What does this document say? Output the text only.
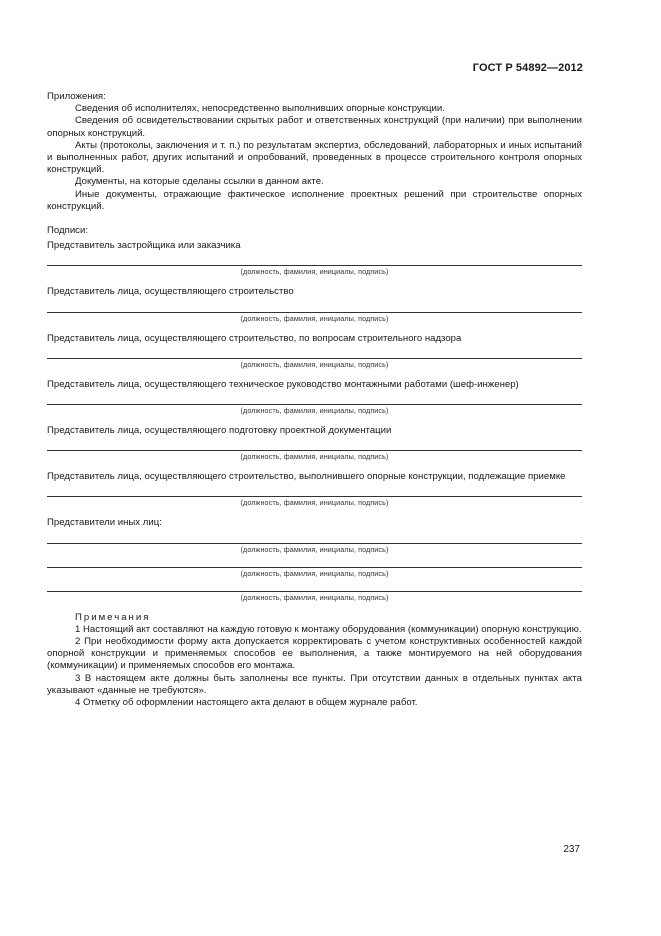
ГОСТ Р 54892—2012

Приложения:

Сведения об исполнителях, непосредственно выполнивших опорные конструкции.

Сведения об освидетельствовании скрытых работ и ответственных конструкций (при наличии) при выполнении опорных конструкций.

Акты (протоколы, заключения и т. п.) по результатам экспертиз, обследований, лабораторных и иных испытаний и выполненных работ, других испытаний и опробований, проведенных в процессе строительного контроля опорных конструкций.

Документы, на которые сделаны ссылки в данном акте.

Иные документы, отражающие фактическое исполнение проектных решений при строительстве опорных конструкций.

Подписи:

Представитель застройщика или заказчика

(должность, фамилия, инициалы, подпись)

Представитель лица, осуществляющего строительство

(должность, фамилия, инициалы, подпись)

Представитель лица, осуществляющего строительство, по вопросам строительного надзора

(должность, фамилия, инициалы, подпись)

Представитель лица, осуществляющего техническое руководство монтажными работами (шеф-инженер)

(должность, фамилия, инициалы, подпись)

Представитель лица, осуществляющего подготовку проектной документации

(должность, фамилия, инициалы, подпись)

Представитель лица, осуществляющего строительство, выполнившего опорные конструкции, подлежащие приемке

(должность, фамилия, инициалы, подпись)

Представители иных лиц:

(должность, фамилия, инициалы, подпись)
(должность, фамилия, инициалы, подпись)
(должность, фамилия, инициалы, подпись)

Примечания

1 Настоящий акт составляют на каждую готовую к монтажу оборудования (коммуникации) опорную конструкцию.

2 При необходимости форму акта допускается корректировать с учетом конструктивных особенностей каждой опорной конструкции и применяемых способов ее выполнения, а также монтируемого на ней оборудования (коммуникации) и применяемых способов его монтажа.

3 В настоящем акте должны быть заполнены все пункты. При отсутствии данных в отдельных пунктах акта указывают «данные не требуются».

4 Отметку об оформлении настоящего акта делают в общем журнале работ.

237
